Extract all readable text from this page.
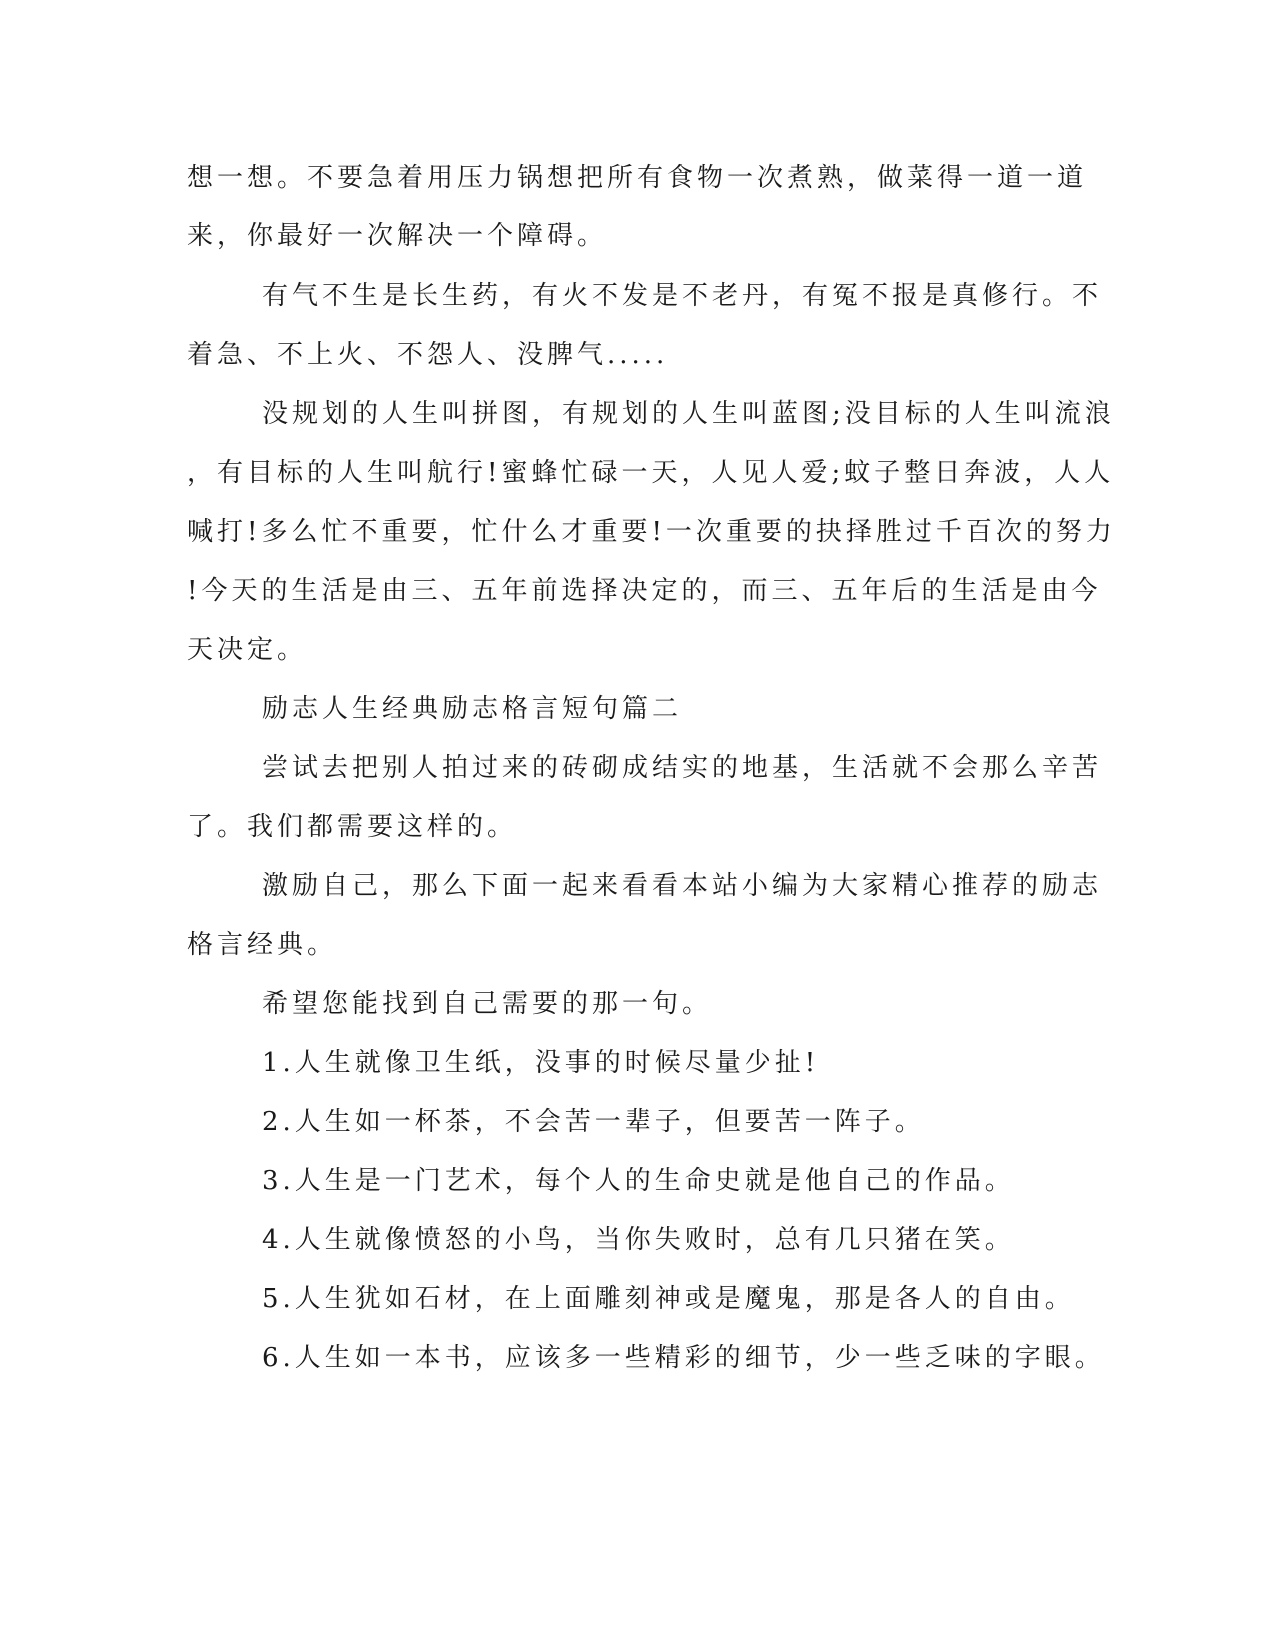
想一想。不要急着用压力锅想把所有食物一次煮熟，做菜得一道一道
来，你最好一次解决一个障碍。
有气不生是长生药，有火不发是不老丹，有冤不报是真修行。不
着急、不上火、不怨人、没脾气.....
没规划的人生叫拼图，有规划的人生叫蓝图;没目标的人生叫流浪
，有目标的人生叫航行!蜜蜂忙碌一天，人见人爱;蚊子整日奔波，人人
喊打!多么忙不重要，忙什么才重要!一次重要的抉择胜过千百次的努力
!今天的生活是由三、五年前选择决定的，而三、五年后的生活是由今
天决定。
励志人生经典励志格言短句篇二
尝试去把别人拍过来的砖砌成结实的地基，生活就不会那么辛苦
了。我们都需要这样的。
激励自己，那么下面一起来看看本站小编为大家精心推荐的励志
格言经典。
希望您能找到自己需要的那一句。
1.人生就像卫生纸，没事的时候尽量少扯!
2.人生如一杯茶，不会苦一辈子，但要苦一阵子。
3.人生是一门艺术，每个人的生命史就是他自己的作品。
4.人生就像愤怒的小鸟，当你失败时，总有几只猪在笑。
5.人生犹如石材，在上面雕刻神或是魔鬼，那是各人的自由。
6.人生如一本书，应该多一些精彩的细节，少一些乏味的字眼。
